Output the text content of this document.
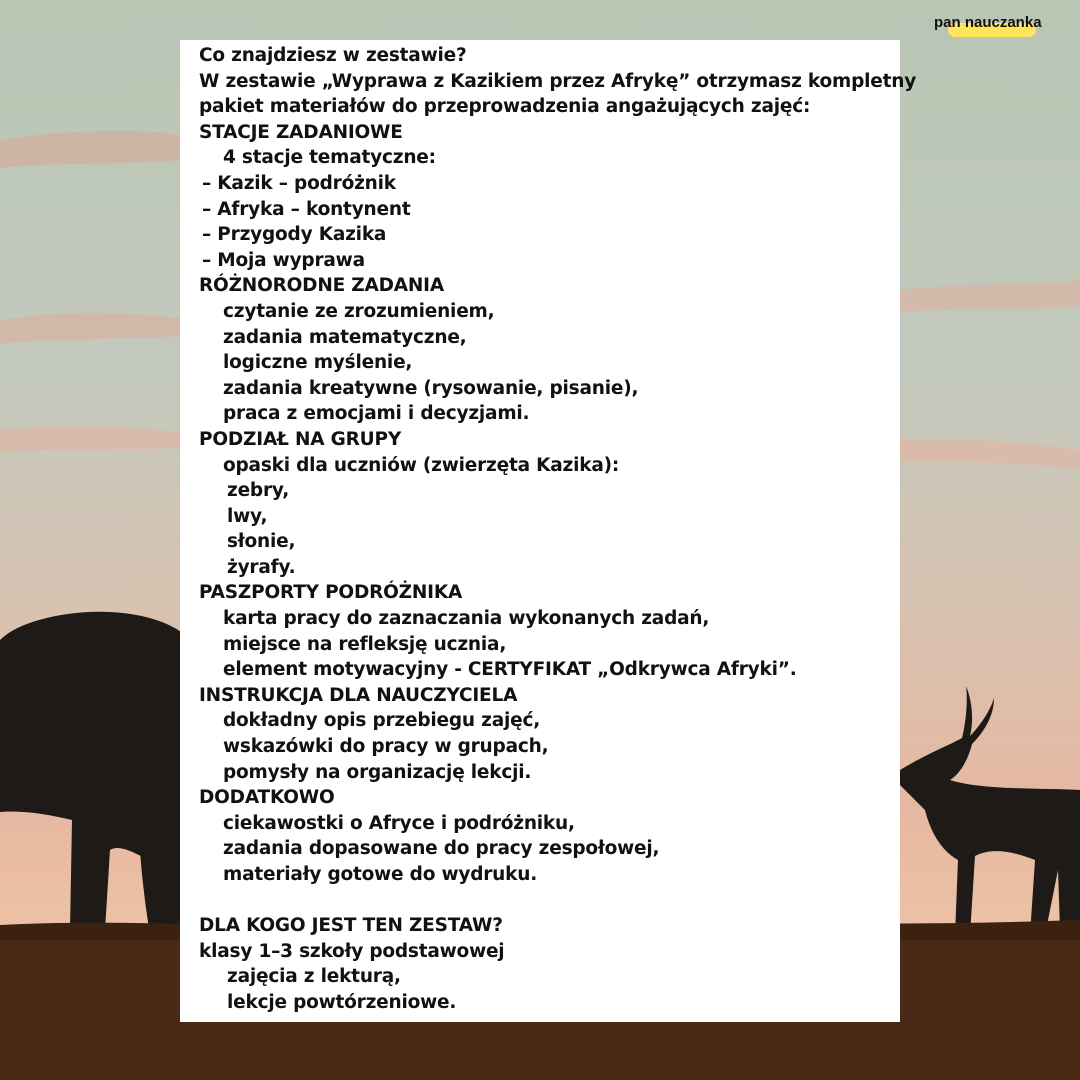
pan nauczanka
Co znajdziesz w zestawie?
W zestawie „Wyprawa z Kazikiem przez Afrykę” otrzymasz kompletny
pakiet materiałów do przeprowadzenia angażujących zajęć:
STACJE ZADANIOWE
4 stacje tematyczne:
– Kazik – podróżnik
– Afryka – kontynent
– Przygody Kazika
– Moja wyprawa
RÓŻNORODNE ZADANIA
czytanie ze zrozumieniem,
zadania matematyczne,
logiczne myślenie,
zadania kreatywne (rysowanie, pisanie),
praca z emocjami i decyzjami.
PODZIAŁ NA GRUPY
opaski dla uczniów (zwierzęta Kazika):
zebry,
lwy,
słonie,
żyrafy.
PASZPORTY PODRÓŻNIKA
karta pracy do zaznaczania wykonanych zadań,
miejsce na refleksję ucznia,
element motywacyjny - CERTYFIKAT „Odkrywca Afryki”.
INSTRUKCJA DLA NAUCZYCIELA
dokładny opis przebiegu zajęć,
wskazówki do pracy w grupach,
pomysły na organizację lekcji.
DODATKOWO
ciekawostki o Afryce i podróżniku,
zadania dopasowane do pracy zespołowej,
materiały gotowe do wydruku.
DLA KOGO JEST TEN ZESTAW?
klasy 1–3 szkoły podstawowej
zajęcia z lekturą,
lekcje powtórzeniowe.
